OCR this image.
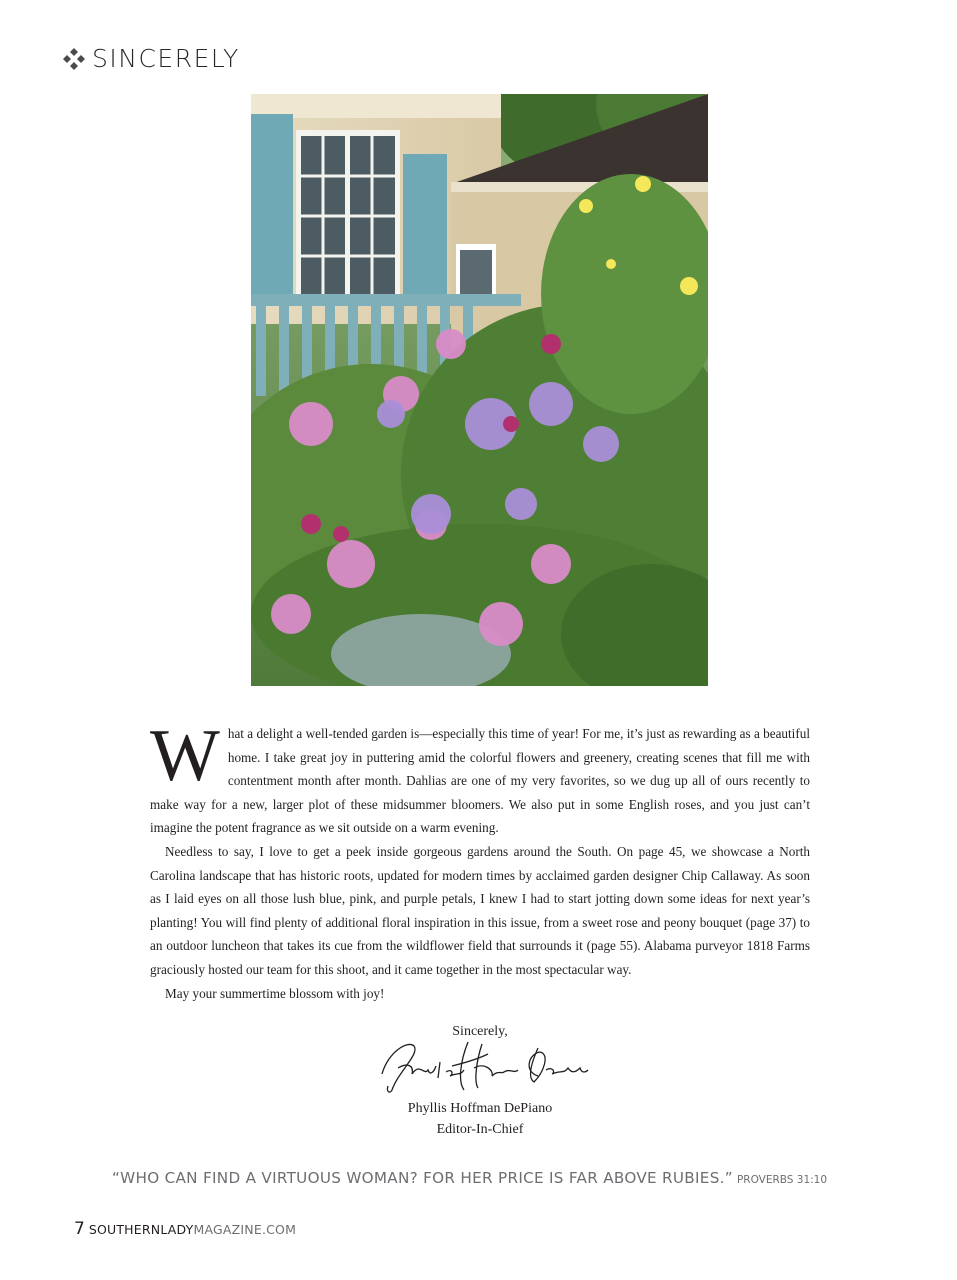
SINCERELY

What a delight a well-tended garden is—especially this time of year! For me, it’s just as rewarding as a beautiful home. I take great joy in puttering amid the colorful flowers and greenery, creating scenes that fill me with contentment month after month. Dahlias are one of my very favorites, so we dug up all of ours recently to make way for a new, larger plot of these midsummer bloomers. We also put in some English roses, and you just can’t imagine the potent fragrance as we sit outside on a warm evening.

Needless to say, I love to get a peek inside gorgeous gardens around the South. On page 45, we showcase a North Carolina landscape that has historic roots, updated for modern times by acclaimed garden designer Chip Callaway. As soon as I laid eyes on all those lush blue, pink, and purple petals, I knew I had to start jotting down some ideas for next year’s planting! You will find plenty of additional floral inspiration in this issue, from a sweet rose and peony bouquet (page 37) to an outdoor luncheon that takes its cue from the wildflower field that surrounds it (page 55). Alabama purveyor 1818 Farms graciously hosted our team for this shoot, and it came together in the most spectacular way.

May your summertime blossom with joy!

Sincerely,
Phyllis Hoffman DePiano
Editor-In-Chief
“WHO CAN FIND A VIRTUOUS WOMAN? FOR HER PRICE IS FAR ABOVE RUBIES.” PROVERBS 31:10
7 SOUTHERNLADYMAGAZINE.COM
